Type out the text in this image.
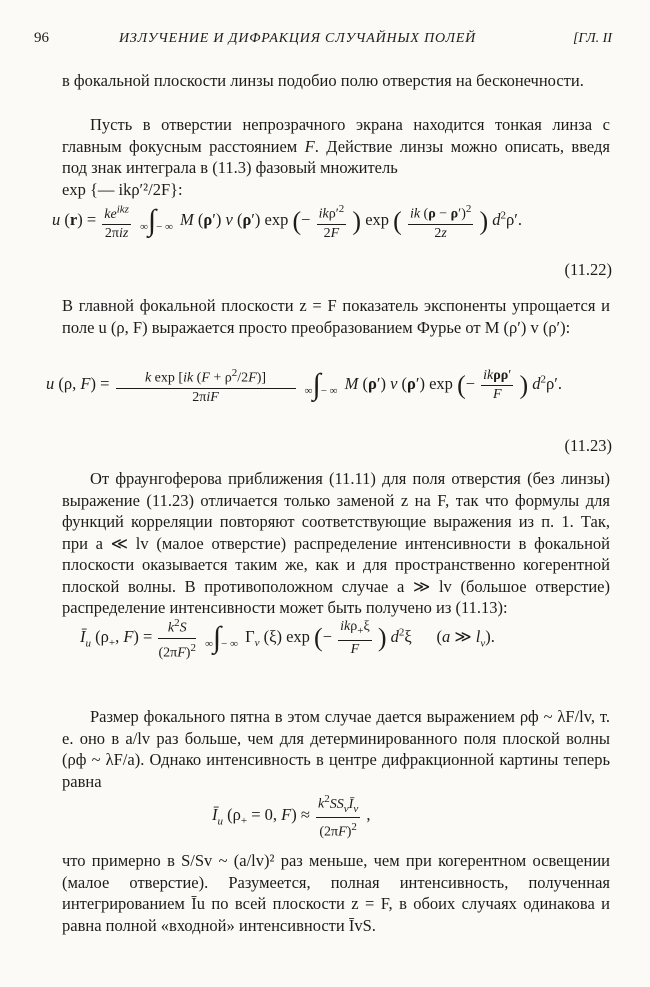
96	ИЗЛУЧЕНИЕ И ДИФРАКЦИЯ СЛУЧАЙНЫХ ПОЛЕЙ	[ГЛ. II
в фокальной плоскости линзы подобио полю отверстия на бесконечности.
Пусть в отверстии непрозрачного экрана находится тонкая линза с главным фокусным расстоянием F. Действие линзы можно описать, введя под знак интеграла в (11.3) фазовый множитель
exp {— ikρ′²/2F}:
u $(r) = \frac{ke^{ikz}}{\text{2πiz}}$ ∞∫− ∞ M (ρ′) v (ρ′) exp (− $\frac{ik\rho'^2}{2F}$ ) exp ( $\frac{ik (\rho - \rho')^2}{2z}$ ) $d^2\rho'$.
(11.22)
В главной фокальной плоскости z = F показатель экспоненты упрощается и поле u (ρ, F) выражается просто преобразованием Фурье от M (ρ′) v (ρ′):
u (ρ, $F) = \frac{k \exp [ik (F + \rho^2/2F)]}{\text{2πiF}}$ ∞∫− ∞ M (ρ′) v (ρ′) exp (− $\frac{\text{ikρρ′}}{F}$ ) $d^2\rho'$.
(11.23)
От фраунгоферова приближения (11.11) для поля отверстия (без линзы) выражение (11.23) отличается только заменой z на F, так что формулы для функций корреляции повторяют соответствующие выражения из п. 1. Так, при a ≪ lv (малое отверстие) распределение интенсивности в фокальной плоскости оказывается таким же, как и для пространственно когерентной плоской волны. В противоположном случае a ≫ lv (большое отверстие) распределение интенсивности может быть получено из (11.13):
$Ī_u$ ($\rho_+$, $F) = \frac{k^2S}{(2\pi F)^2}$ ∞∫− ∞ $\Gamma_v$ (ξ) exp (− $\frac{ik\rho_+\xi}{F}$ ) $d^2\xi$      (a ≫ $l_v$).
Размер фокального пятна в этом случае дается выражением ρф ~ λF/lv, т. е. оно в a/lv раз больше, чем для детерминированного поля плоской волны (ρф ~ λF/a). Однако интенсивность в центре дифракционной картины теперь равна
$Ī_u$ ($\rho_+ = 0$, $F) \approx \frac{k^2SS_vĪ_v}{(2\pi F)^2}$ ,
что примерно в S/Sv ~ (a/lv)² раз меньше, чем при когерентном освещении (малое отверстие). Разумеется, полная интенсивность, полученная интегрированием Īu по всей плоскости z = F, в обоих случаях одинакова и равна полной «входной» интенсивности ĪvS.
